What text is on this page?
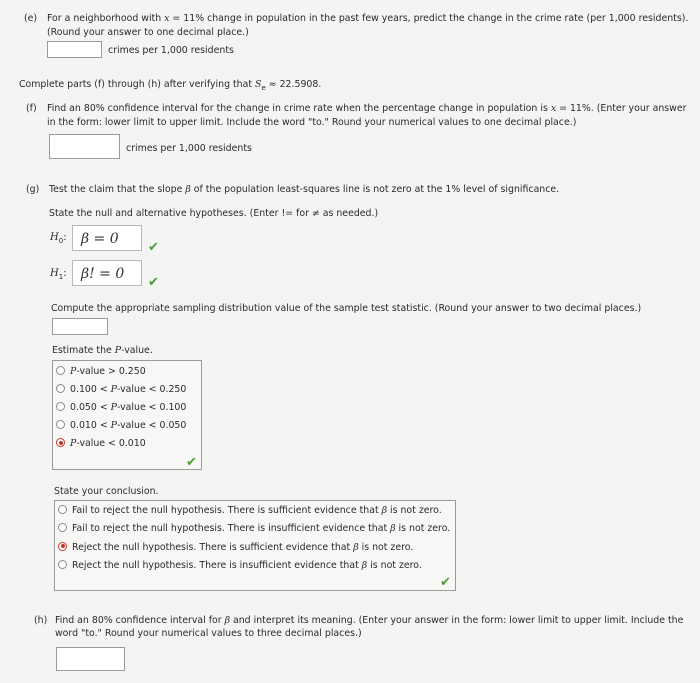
(e) For a neighborhood with x = 11% change in population in the past few years, predict the change in the crime rate (per 1,000 residents).
(Round your answer to one decimal place.)
crimes per 1,000 residents
Complete parts (f) through (h) after verifying that $S_e \approx 22.5908$.
(f) Find an 80% confidence interval for the change in crime rate when the percentage change in population is x = 11%. (Enter your answer
in the form: lower limit to upper limit. Include the word "to." Round your numerical values to one decimal place.)
crimes per 1,000 residents
(g) Test the claim that the slope β of the population least-squares line is not zero at the 1% level of significance.
State the null and alternative hypotheses. (Enter != for ≠ as needed.)
$H_0$:	β = 0
✔
$H_1$:	β! = 0
✔
Compute the appropriate sampling distribution value of the sample test statistic. (Round your answer to two decimal places.)
Estimate the P-value.
P-value > 0.250
0.100 < P-value < 0.250
0.050 < P-value < 0.100
0.010 < P-value < 0.050
P-value < 0.010
✔
State your conclusion.
Fail to reject the null hypothesis. There is sufficient evidence that β is not zero.
Fail to reject the null hypothesis. There is insufficient evidence that β is not zero.
Reject the null hypothesis. There is sufficient evidence that β is not zero.
Reject the null hypothesis. There is insufficient evidence that β is not zero.
✔
(h) Find an 80% confidence interval for β and interpret its meaning. (Enter your answer in the form: lower limit to upper limit. Include the
word "to." Round your numerical values to three decimal places.)
